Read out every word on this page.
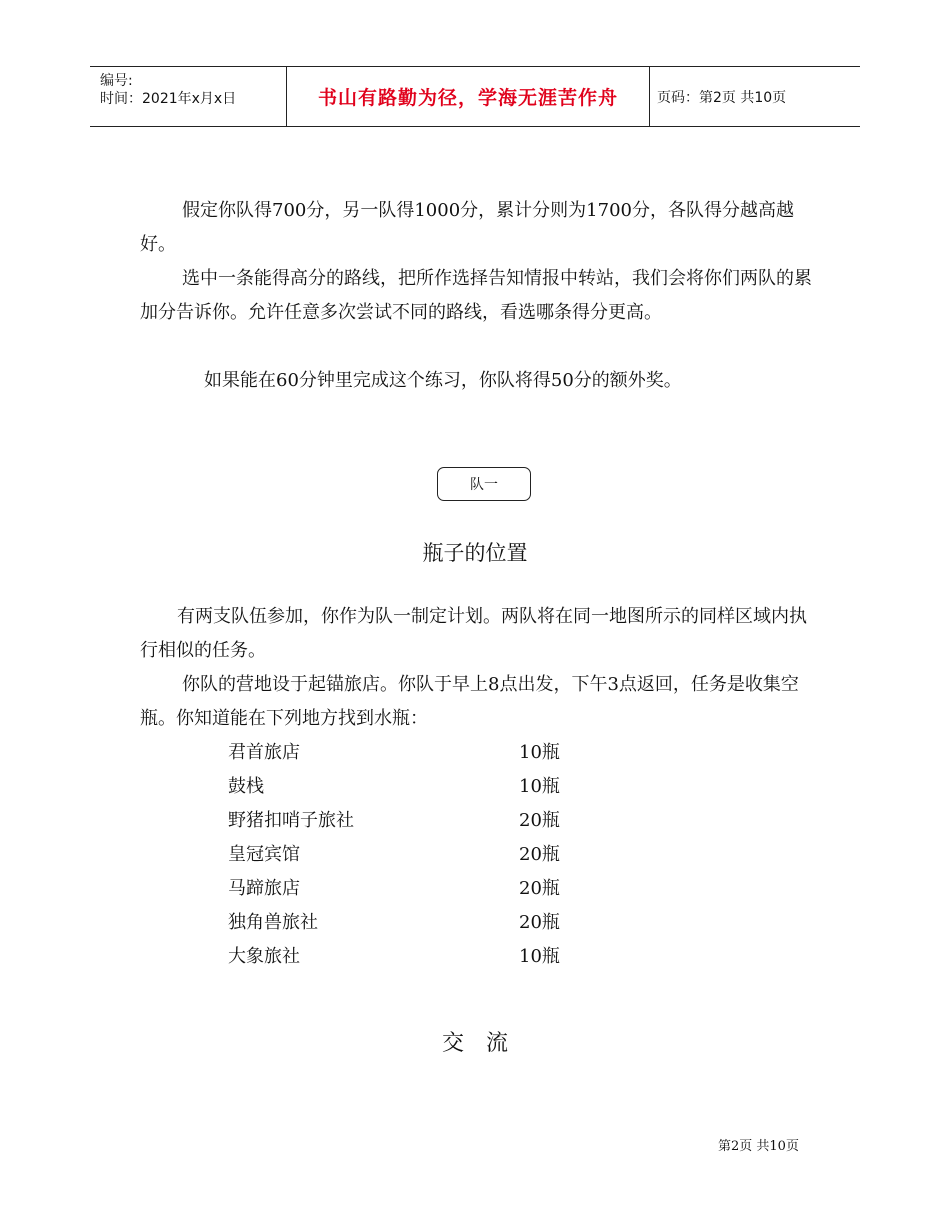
编号:
时间：2021年x月x日	书山有路勤为径，学海无涯苦作舟	页码：第2页 共10页

假定你队得700分，另一队得1000分，累计分则为1700分，各队得分越高越好。

选中一条能得高分的路线，把所作选择告知情报中转站，我们会将你们两队的累加分告诉你。允许任意多次尝试不同的路线，看选哪条得分更高。

如果能在60分钟里完成这个练习，你队将得50分的额外奖。

队一
瓶子的位置

有两支队伍参加，你作为队一制定计划。两队将在同一地图所示的同样区域内执行相似的任务。

你队的营地设于起锚旅店。你队于早上8点出发，下午3点返回，任务是收集空瓶。你知道能在下列地方找到水瓶：

君首旅店	10瓶
鼓栈	10瓶
野猪扣哨子旅社	20瓶
皇冠宾馆	20瓶
马蹄旅店	20瓶
独角兽旅社	20瓶
大象旅社	10瓶
交　流
第2页 共10页
